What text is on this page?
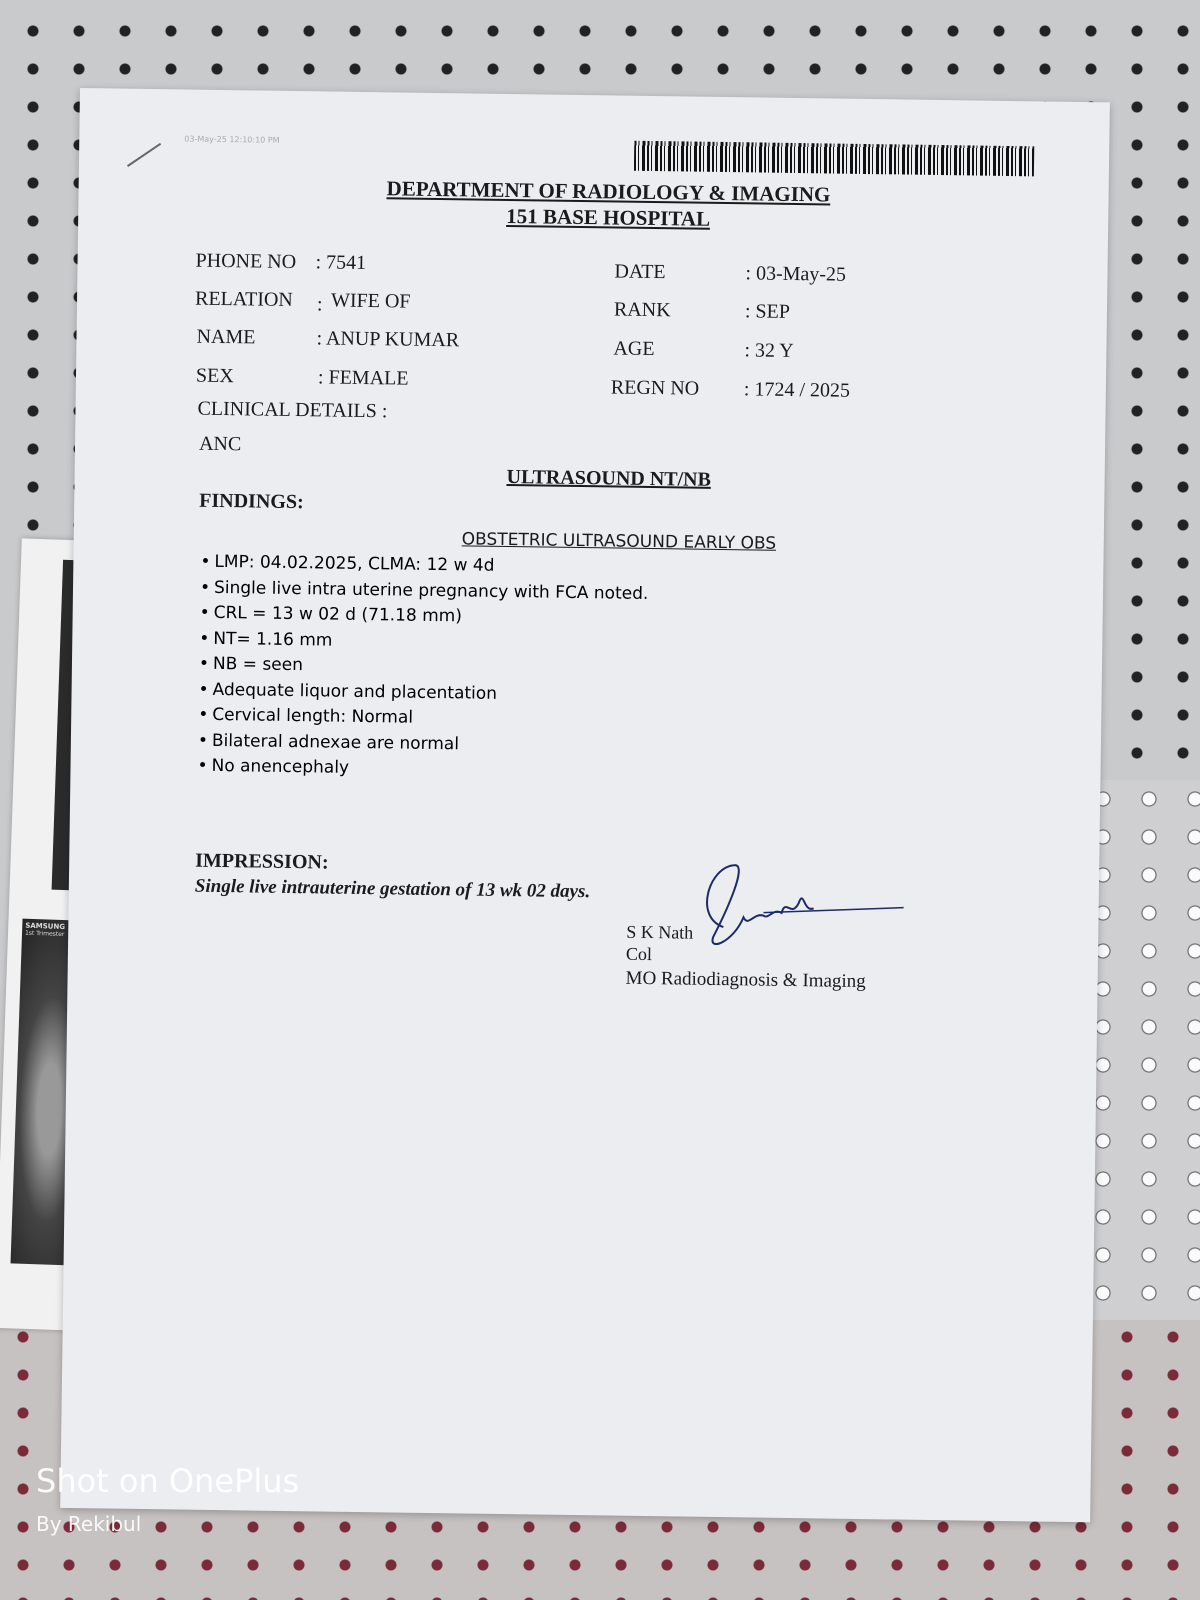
SAMSUNG
1st Trimester
03-May-25 12:10:10 PM
DEPARTMENT OF RADIOLOGY & IMAGING
151 BASE HOSPITAL
PHONE NO : 7541
RELATION : WIFE OF
NAME	: ANUP KUMAR
SEX	: FEMALE
DATE	: 03-May-25
RANK	: SEP
AGE	: 32 Y
REGN NO : 1724 / 2025
CLINICAL DETAILS :
ANC
ULTRASOUND NT/NB
FINDINGS:
OBSTETRIC ULTRASOUND EARLY OBS
• LMP: 04.02.2025, CLMA: 12 w 4d
• Single live intra uterine pregnancy with FCA noted.
• CRL = 13 w 02 d (71.18 mm)
• NT= 1.16 mm
• NB = seen
• Adequate liquor and placentation
• Cervical length: Normal
• Bilateral adnexae are normal
• No anencephaly
IMPRESSION:
Single live intrauterine gestation of 13 wk 02 days.
S K Nath
Col
MO Radiodiagnosis & Imaging
Shot on OnePlus
By Rekibul
